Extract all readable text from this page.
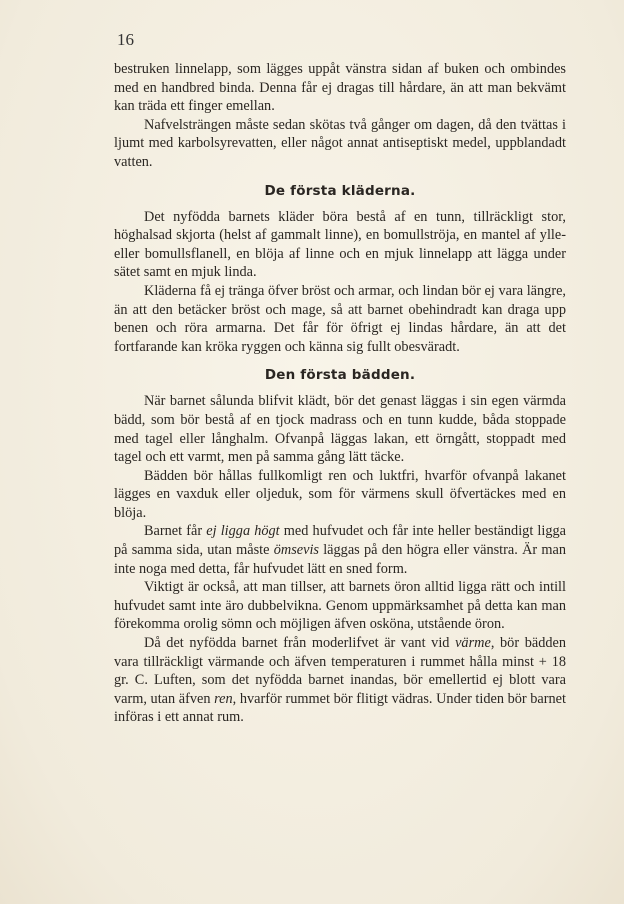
16

bestruken linnelapp, som lägges uppåt vänstra sidan af buken och ombindes med en handbred binda. Denna får ej dragas till hårdare, än att man bekvämt kan träda ett finger emellan.

Nafvelsträngen måste sedan skötas två gånger om dagen, då den tvättas i ljumt med karbolsyrevatten, eller något annat antiseptiskt medel, uppblandadt vatten.

De första kläderna.

Det nyfödda barnets kläder böra bestå af en tunn, tillräckligt stor, höghalsad skjorta (helst af gammalt linne), en bomullströja, en mantel af ylle- eller bomullsflanell, en blöja af linne och en mjuk linnelapp att lägga under sätet samt en mjuk linda.

Kläderna få ej tränga öfver bröst och armar, och lindan bör ej vara längre, än att den betäcker bröst och mage, så att barnet obehindradt kan draga upp benen och röra armarna. Det får för öfrigt ej lindas hårdare, än att det fortfarande kan kröka ryggen och känna sig fullt obesväradt.

Den första bädden.

När barnet sålunda blifvit klädt, bör det genast läggas i sin egen värmda bädd, som bör bestå af en tjock madrass och en tunn kudde, båda stoppade med tagel eller långhalm. Ofvanpå läggas lakan, ett örngått, stoppadt med tagel och ett varmt, men på samma gång lätt täcke.

Bädden bör hållas fullkomligt ren och luktfri, hvarför ofvanpå lakanet lägges en vaxduk eller oljeduk, som för värmens skull öfvertäckes med en blöja.

Barnet får ej ligga högt med hufvudet och får inte heller beständigt ligga på samma sida, utan måste ömsevis läggas på den högra eller vänstra. Är man inte noga med detta, får hufvudet lätt en sned form.

Viktigt är också, att man tillser, att barnets öron alltid ligga rätt och intill hufvudet samt inte äro dubbelvikna. Genom uppmärksamhet på detta kan man förekomma orolig sömn och möjligen äfven osköna, utstående öron.

Då det nyfödda barnet från moderlifvet är vant vid värme, bör bädden vara tillräckligt värmande och äfven temperaturen i rummet hålla minst + 18 gr. C. Luften, som det nyfödda barnet inandas, bör emellertid ej blott vara varm, utan äfven ren, hvarför rummet bör flitigt vädras. Under tiden bör barnet införas i ett annat rum.
